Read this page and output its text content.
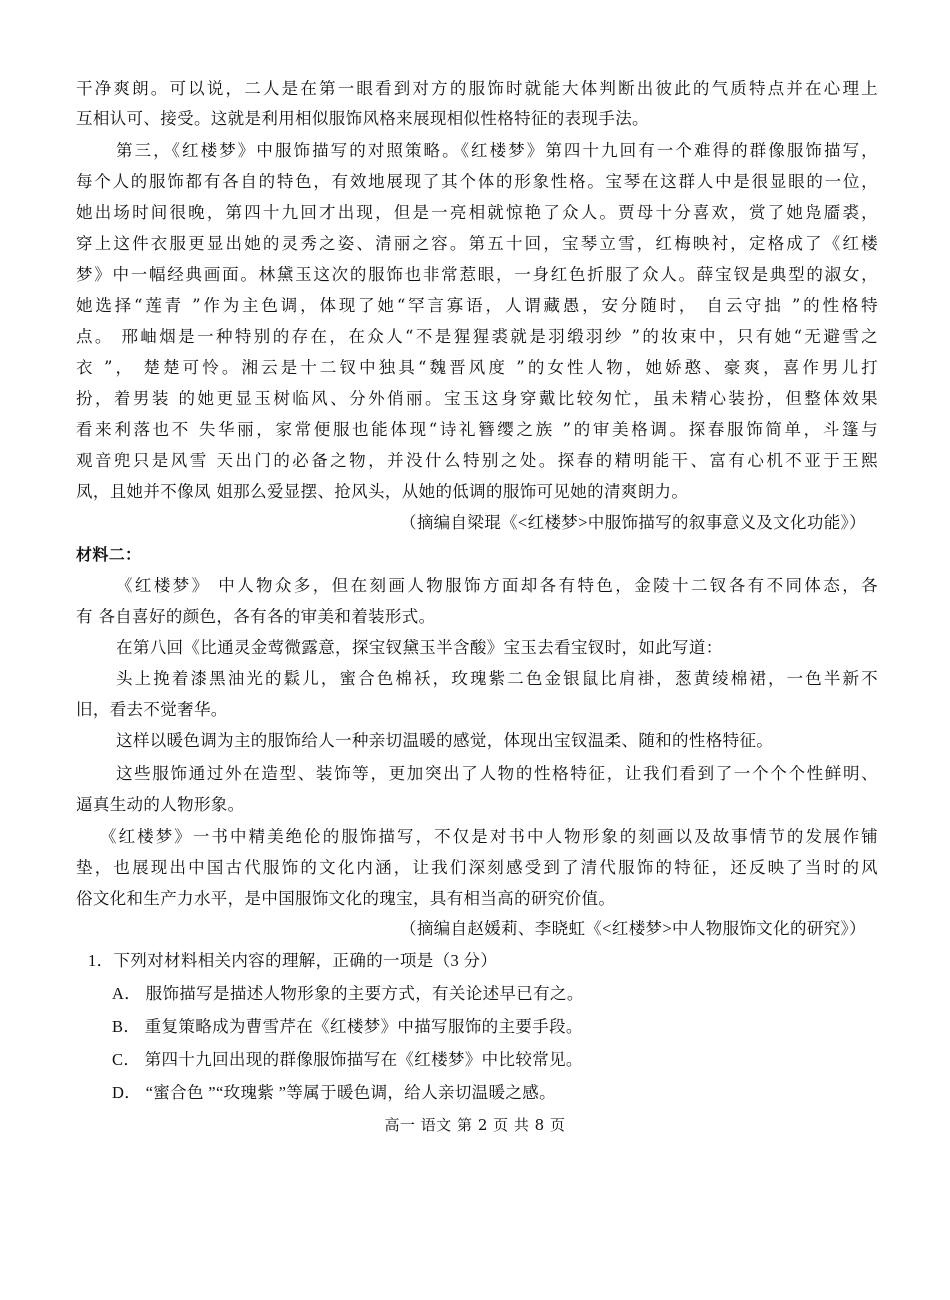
干净爽朗。可以说，二人是在第一眼看到对方的服饰时就能大体判断出彼此的气质特点并在心理上
互相认可、接受。这就是利用相似服饰风格来展现相似性格特征的表现手法。
第三，《红楼梦》中服饰描写的对照策略。《红楼梦》第四十九回有一个难得的群像服饰描写，
每个人的服饰都有各自的特色，有效地展现了其个体的形象性格。宝琴在这群人中是很显眼的一位，
她出场时间很晚，第四十九回才出现，但是一亮相就惊艳了众人。贾母十分喜欢，赏了她凫靥裘，
穿上这件衣服更显出她的灵秀之姿、清丽之容。第五十回，宝琴立雪，红梅映衬，定格成了《红楼
梦》中一幅经典画面。林黛玉这次的服饰也非常惹眼，一身红色折服了众人。薛宝钗是典型的淑女，
她选择“莲青 ”作为主色调，体现了她“罕言寡语，人谓藏愚，安分随时， 自云守拙 ”的性格特
点。 邢岫烟是一种特别的存在，在众人“不是猩猩裘就是羽缎羽纱 ”的妆束中，只有她“无避雪之
衣 ”， 楚楚可怜。湘云是十二钗中独具“魏晋风度 ”的女性人物，她娇憨、豪爽，喜作男儿打
扮，着男装 的她更显玉树临风、分外俏丽。宝玉这身穿戴比较匆忙，虽未精心装扮，但整体效果
看来利落也不 失华丽，家常便服也能体现“诗礼簪缨之族 ”的审美格调。探春服饰简单，斗篷与
观音兜只是风雪 天出门的必备之物，并没什么特别之处。探春的精明能干、富有心机不亚于王熙
凤，且她并不像凤 姐那么爱显摆、抢风头，从她的低调的服饰可见她的清爽朗力。
（摘编自梁琨《<红楼梦>中服饰描写的叙事意义及文化功能》）
材料二：
《红楼梦》 中人物众多，但在刻画人物服饰方面却各有特色，金陵十二钗各有不同体态，各
有 各自喜好的颜色，各有各的审美和着装形式。
在第八回《比通灵金莺微露意，探宝钗黛玉半含酸》宝玉去看宝钗时，如此写道：
头上挽着漆黑油光的鬏儿，蜜合色棉袄，玫瑰紫二色金银鼠比肩褂，葱黄绫棉裙，一色半新不
旧，看去不觉奢华。
这样以暖色调为主的服饰给人一种亲切温暖的感觉，体现出宝钗温柔、随和的性格特征。
这些服饰通过外在造型、装饰等，更加突出了人物的性格特征，让我们看到了一个个个性鲜明、
逼真生动的人物形象。
《红楼梦》一书中精美绝伦的服饰描写，不仅是对书中人物形象的刻画以及故事情节的发展作铺
垫，也展现出中国古代服饰的文化内涵，让我们深刻感受到了清代服饰的特征，还反映了当时的风
俗文化和生产力水平，是中国服饰文化的瑰宝，具有相当高的研究价值。
（摘编自赵媛莉、李晓虹《<红楼梦>中人物服饰文化的研究》）
1．下列对材料相关内容的理解，正确的一项是（3 分）
A． 服饰描写是描述人物形象的主要方式，有关论述早已有之。
B． 重复策略成为曹雪芹在《红楼梦》中描写服饰的主要手段。
C． 第四十九回出现的群像服饰描写在《红楼梦》中比较常见。
D． “蜜合色 ”“玫瑰紫 ”等属于暖色调，给人亲切温暖之感。
高一 语文 第 2 页 共 8 页
